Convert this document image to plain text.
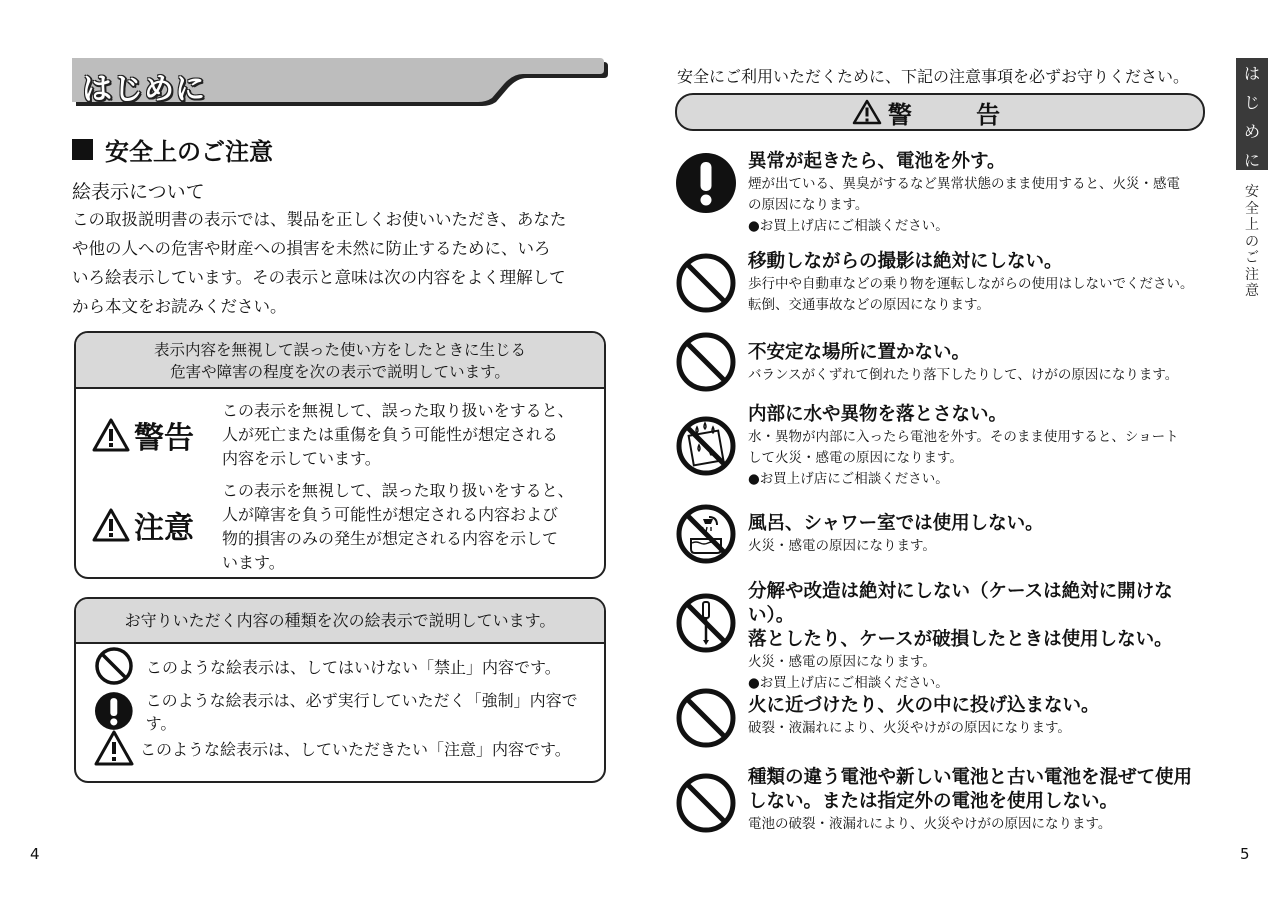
はじめに
安全上のご注意
絵表示について
この取扱説明書の表示では、製品を正しくお使いいただき、あなた
や他の人への危害や財産への損害を未然に防止するために、いろ
いろ絵表示しています。その表示と意味は次の内容をよく理解して
から本文をお読みください。
表示内容を無視して誤った使い方をしたときに生じる
危害や障害の程度を次の表示で説明しています。
警告
この表示を無視して、誤った取り扱いをすると、
人が死亡または重傷を負う可能性が想定される
内容を示しています。
注意
この表示を無視して、誤った取り扱いをすると、
人が障害を負う可能性が想定される内容および
物的損害のみの発生が想定される内容を示して
います。
お守りいただく内容の種類を次の絵表示で説明しています。
このような絵表示は、してはいけない「禁止」内容です。
このような絵表示は、必ず実行していただく「強制」内容です。
このような絵表示は、していただきたい「注意」内容です。
4
安全にご利用いただくために、下記の注意事項を必ずお守りください。
警 告
異常が起きたら、電池を外す。

煙が出ている、異臭がするなど異常状態のまま使用すると、火災・感電

の原因になります。

●お買上げ店にご相談ください。

移動しながらの撮影は絶対にしない。

歩行中や自動車などの乗り物を運転しながらの使用はしないでください。

転倒、交通事故などの原因になります。

不安定な場所に置かない。

バランスがくずれて倒れたり落下したりして、けがの原因になります。

内部に水や異物を落とさない。

水・異物が内部に入ったら電池を外す。そのまま使用すると、ショート

して火災・感電の原因になります。

●お買上げ店にご相談ください。

風呂、シャワー室では使用しない。

火災・感電の原因になります。

分解や改造は絶対にしない（ケースは絶対に開けない）。
落としたり、ケースが破損したときは使用しない。

火災・感電の原因になります。

●お買上げ店にご相談ください。

火に近づけたり、火の中に投げ込まない。

破裂・液漏れにより、火災やけがの原因になります。

種類の違う電池や新しい電池と古い電池を混ぜて使用
しない。または指定外の電池を使用しない。

電池の破裂・液漏れにより、火災やけがの原因になります。

は
じ
め
に
安
全
上
の
ご
注
意
5
